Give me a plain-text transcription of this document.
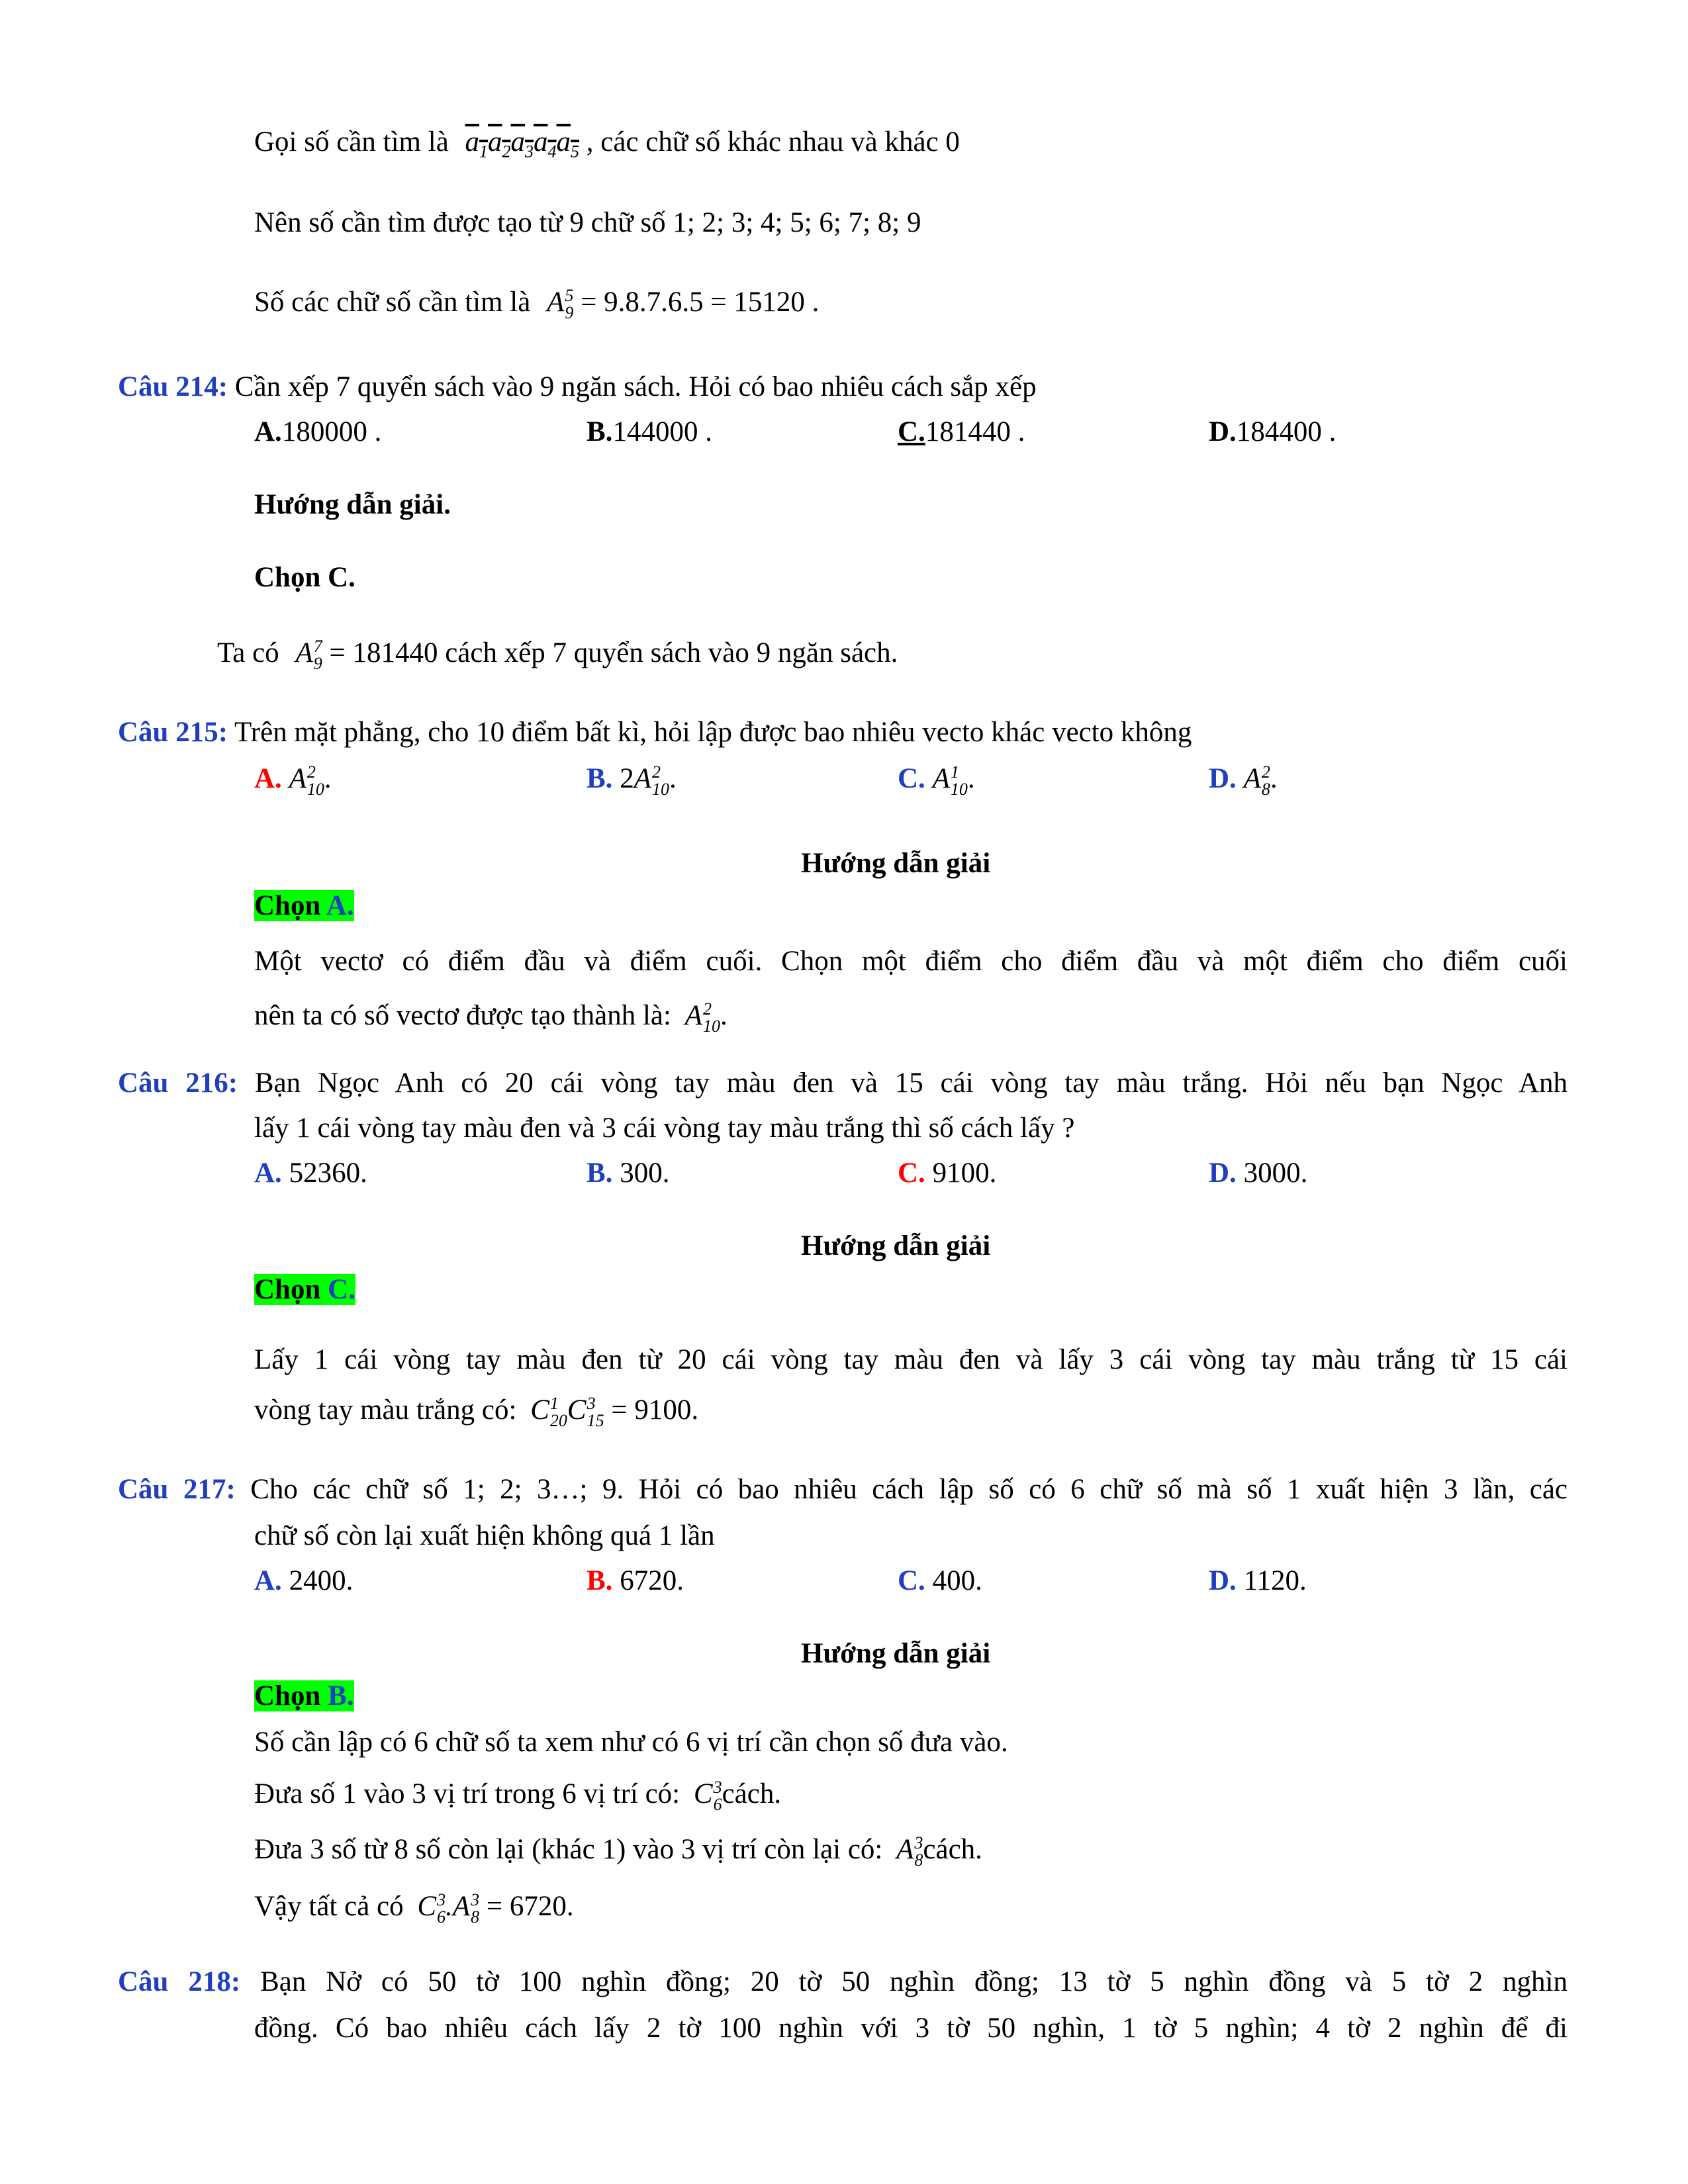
Gọi số cần tìm là $a_1a_2a_3a_4a_5$ , các chữ số khác nhau và khác 0
Nên số cần tìm được tạo từ 9 chữ số 1; 2; 3; 4; 5; 6; 7; 8; 9
Số các chữ số cần tìm là A 5
9 = 9.8.7.6.5 = 15120 .
Câu 214: Cần xếp 7 quyển sách vào 9 ngăn sách. Hỏi có bao nhiêu cách sắp xếp
A.180000 .	B.144000 .	C.181440 .	D.184400 .
Hướng dẫn giải.
Chọn C.
Ta có A 7
9 = 181440 cách xếp 7 quyển sách vào 9 ngăn sách.
Câu 215: Trên mặt phẳng, cho 10 điểm bất kì, hỏi lập được bao nhiêu vecto khác vecto không
A. A 2
10 .	B. 2A 2
10 .	C. A 1
10 .	D. A 2
8 .
Hướng dẫn giải
Chọn A.
Một vectơ có điểm đầu và điểm cuối. Chọn một điểm cho điểm đầu và một điểm cho điểm cuối
nên ta có số vectơ được tạo thành là: A 2
10 .
Câu 216: Bạn Ngọc Anh có 20 cái vòng tay màu đen và 15 cái vòng tay màu trắng. Hỏi nếu bạn Ngọc Anh
lấy 1 cái vòng tay màu đen và 3 cái vòng tay màu trắng thì số cách lấy ?
A. 52360.	B. 300.	C. 9100.	D. 3000.
Hướng dẫn giải
Chọn C.
Lấy 1 cái vòng tay màu đen từ 20 cái vòng tay màu đen và lấy 3 cái vòng tay màu trắng từ 15 cái
vòng tay màu trắng có: C 1
20 C 3
15 = 9100.
Câu 217: Cho các chữ số 1; 2; 3…; 9. Hỏi có bao nhiêu cách lập số có 6 chữ số mà số 1 xuất hiện 3 lần, các
chữ số còn lại xuất hiện không quá 1 lần
A. 2400.	B. 6720.	C. 400.	D. 1120.
Hướng dẫn giải
Chọn B.
Số cần lập có 6 chữ số ta xem như có 6 vị trí cần chọn số đưa vào.
Đưa số 1 vào 3 vị trí trong 6 vị trí có: C 3
6 cách.
Đưa 3 số từ 8 số còn lại (khác 1) vào 3 vị trí còn lại có: A 3
8 cách.
Vậy tất cả có C 3
6 .A 3
8 = 6720.
Câu 218: Bạn Nở có 50 tờ 100 nghìn đồng; 20 tờ 50 nghìn đồng; 13 tờ 5 nghìn đồng và 5 tờ 2 nghìn
đồng. Có bao nhiêu cách lấy 2 tờ 100 nghìn với 3 tờ 50 nghìn, 1 tờ 5 nghìn; 4 tờ 2 nghìn để đi
